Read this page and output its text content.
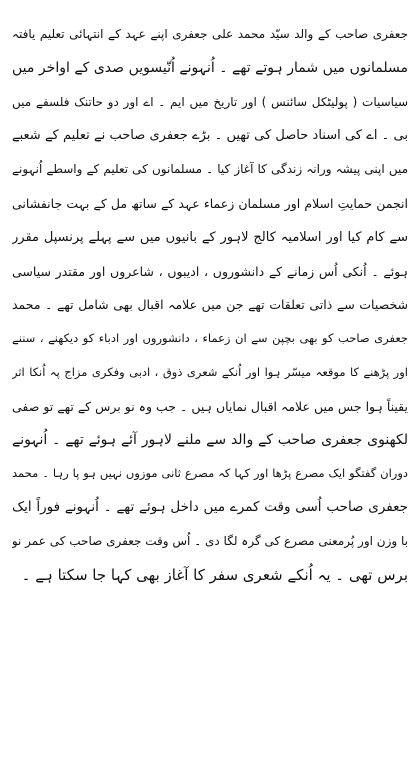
جعفری صاحب کے والد سیّد محمد علی جعفری اپنے عہد کے انتہائی تعلیم یافتہ
مسلمانوں میں شمار ہوتے تھے ۔ اُنہونے اُنّیسویں صدی کے اواخر میں
سیاسیات ( پولیٹکل سائنس ) اور تاریخ میں ایم ۔ اے اور دو حاتنک فلسفے میں
بی ۔ اے کی اسناد حاصل کی تھیں ۔ بڑے جعفری صاحب نے تعلیم کے شعبے
میں اپنی پیشہ ورانہ زندگی کا آغاز کیا ۔ مسلمانوں کی تعلیم کے واسطے اُنہونے
انجمن حمایتِ اسلام اور مسلمان زعماء عہد کے ساتھ مل کے بہت جانفشانی
سے کام کیا اور اسلامیہ کالج لاہور کے بانیوں میں سے پہلے پرنسپل مقرر
ہوئے ۔ اُنکی اُس زمانے کے دانشوروں ، ادیبوں ، شاعروں اور مقتدر سیاسی
شخصیات سے ذاتی تعلقات تھے جن میں علامہ اقبال بھی شامل تھے ۔ محمد
جعفری صاحب کو بھی بچپن سے ان زعماء ، دانشوروں اور ادباء کو دیکھنے ، سننے
اور پڑھنے کا موقعہ میسّر ہوا اور اُنکے شعری ذوق ، ادبی وفکری مزاج پہ اُنکا اثر
یقیناً ہوا جس میں علامہ اقبال نمایاں ہیں ۔ جب وہ نو برس کے تھے تو صفی
لکھنوی جعفری صاحب کے والد سے ملنے لاہور آئے ہوئے تھے ۔ اُنہونے
دوران گفتگو ایک مصرع پڑھا اور کہا کہ مصرع ثانی موزوں نہیں ہو پا رہا ۔ محمد
جعفری صاحب اُسی وقت کمرے میں داخل ہوئے تھے ۔ اُنہونے فوراً ایک
با وزن اور پُرمعنی مصرع کی گرہ لگا دی ۔ اُس وقت جعفری صاحب کی عمر نو
برس تھی ۔ یہ اُنکے شعری سفر کا آغاز بھی کہا جا سکتا ہے ۔
